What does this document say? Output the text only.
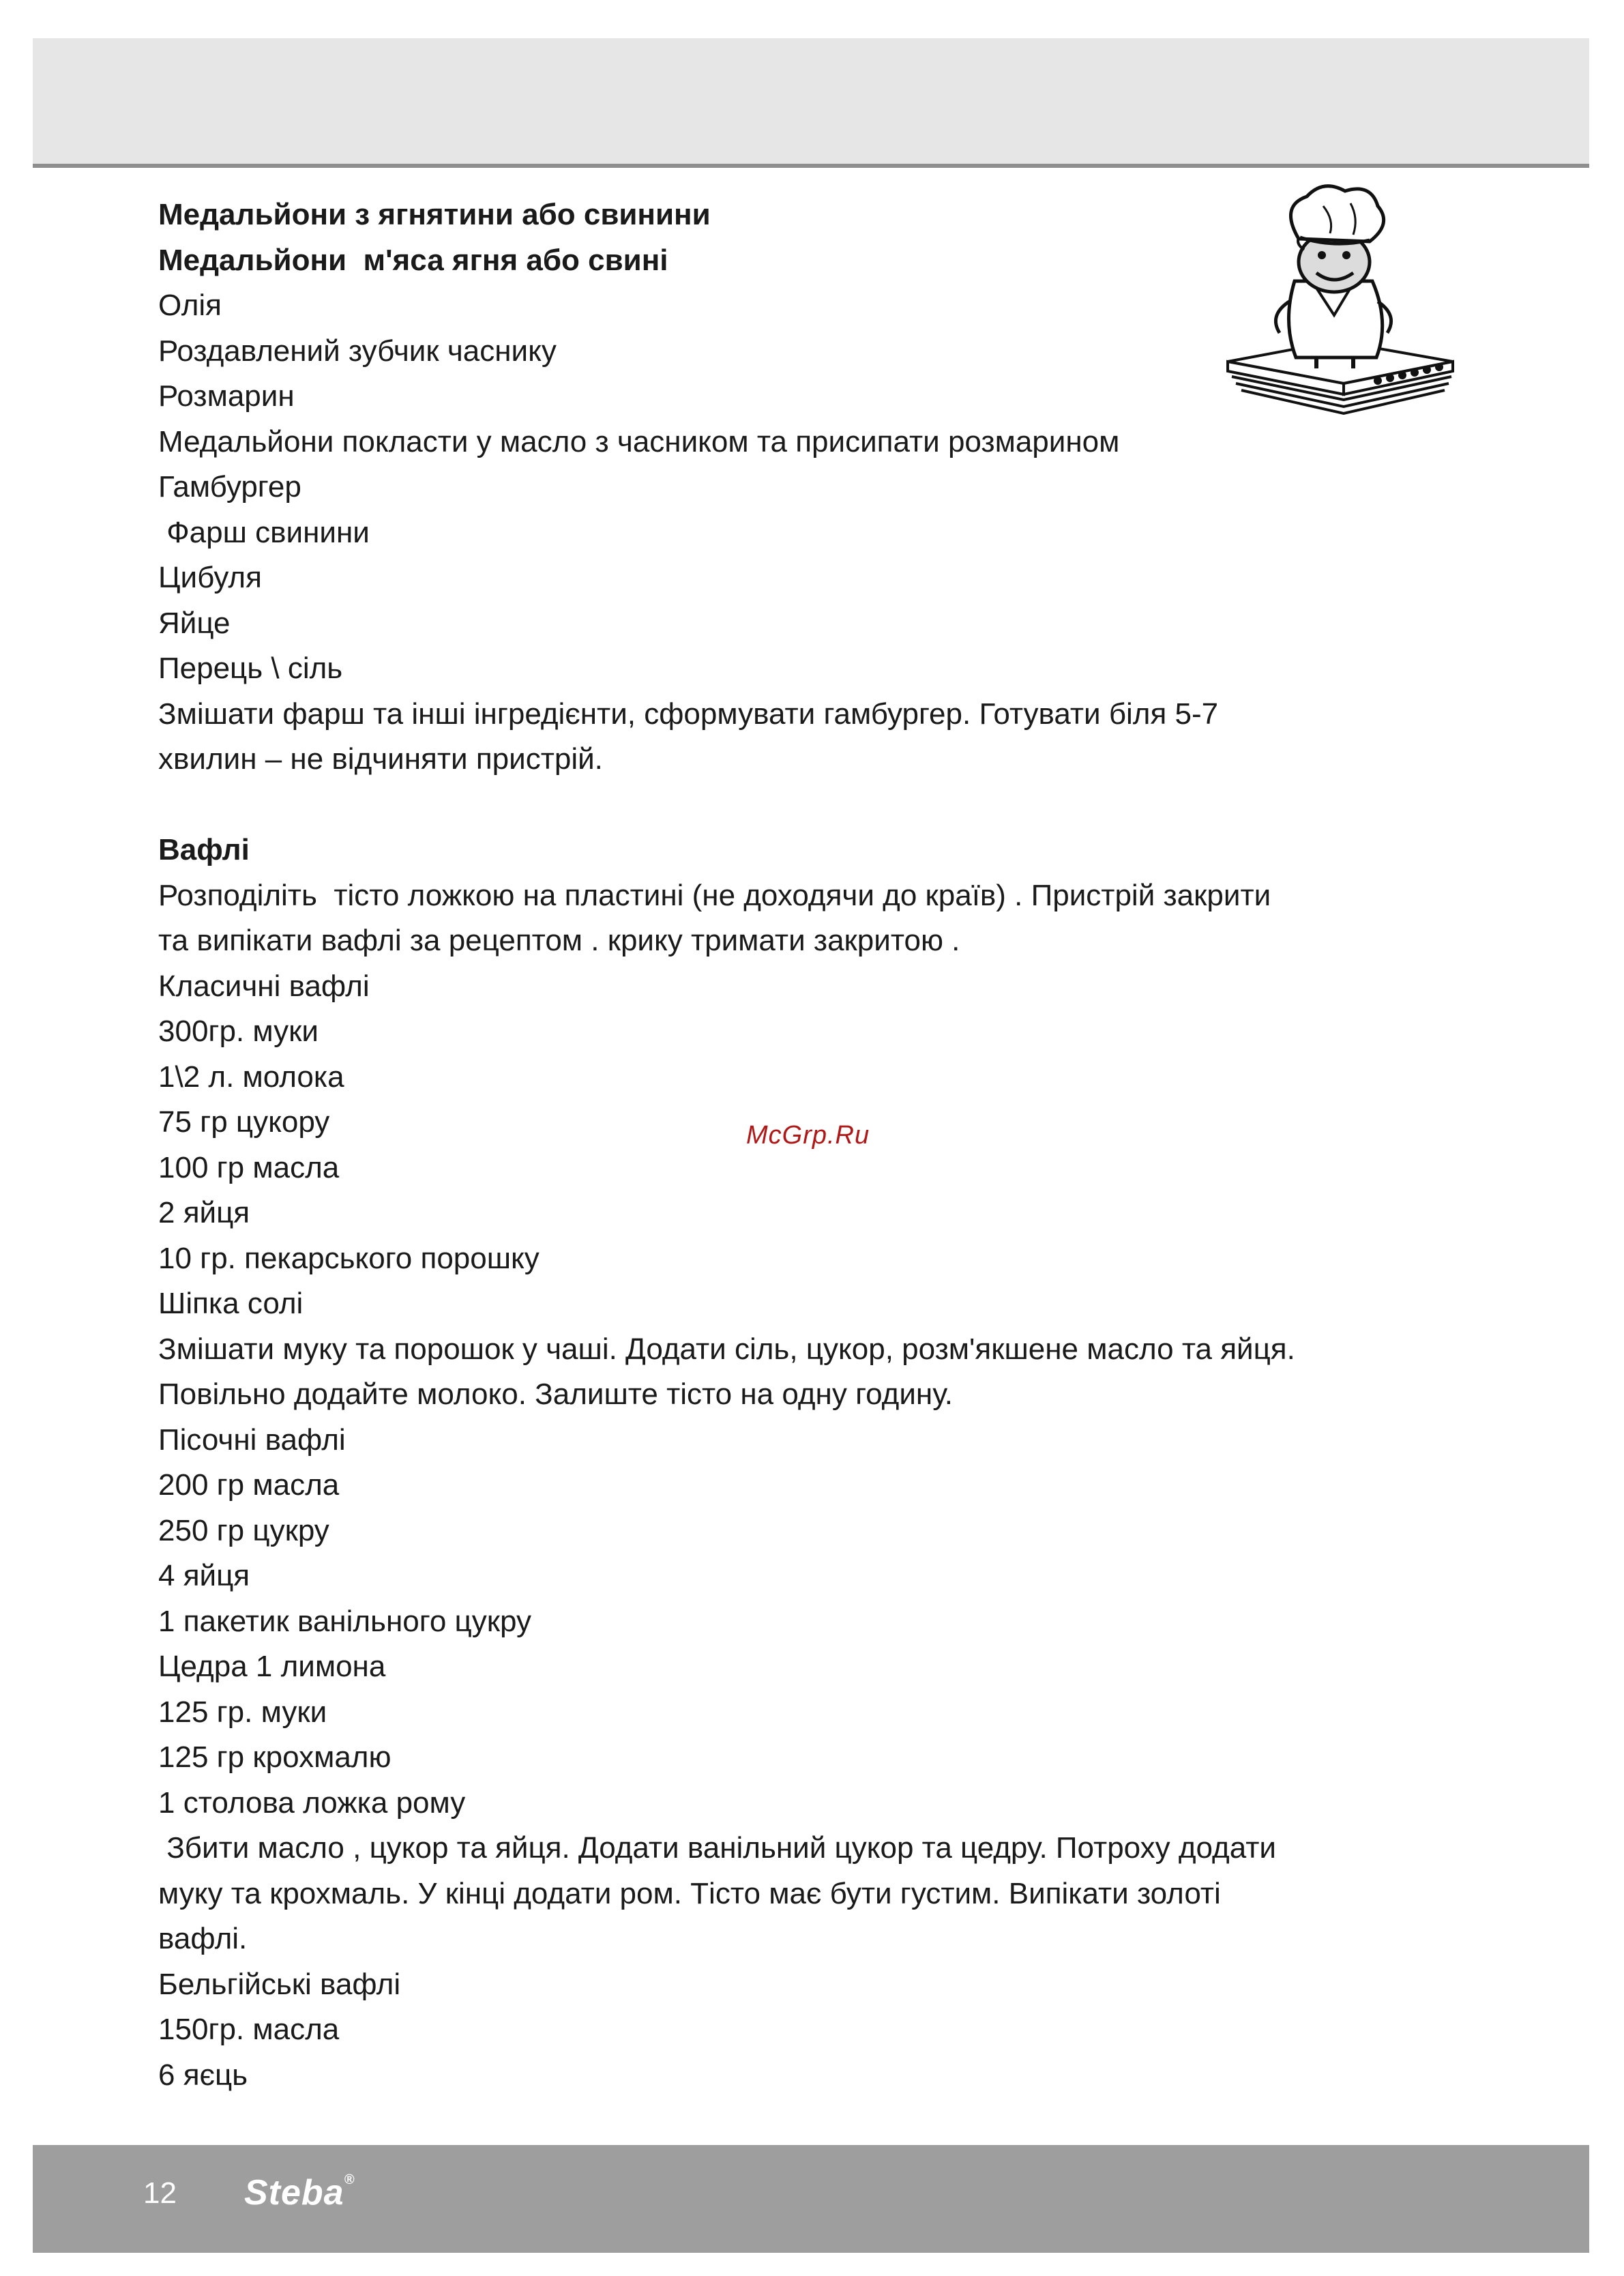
Медальйони з ягнятини або свинини
Медальйони  м'яса ягня або свині
Олія
Роздавлений зубчик часнику
Розмарин
Медальйони покласти у масло з часником та присипати розмарином
Гамбургер
Фарш свинини
Цибуля
Яйце
Перець \ сіль
Змішати фарш та інші інгредієнти, сформувати гамбургер. Готувати біля 5-7
хвилин – не відчиняти пристрій.
Вафлі
Розподіліть  тісто ложкою на пластині (не доходячи до країв) . Пристрій закрити
та випікати вафлі за рецептом . крику тримати закритою .
Класичні вафлі
300гр. муки
1\2 л. молока
75 гр цукору
100 гр масла
2 яйця
10 гр. пекарського порошку
Шіпка солі
Змішати муку та порошок у чаші. Додати сіль, цукор, розм'якшене масло та яйця.
Повільно додайте молоко. Залиште тісто на одну годину.
Пісочні вафлі
200 гр масла
250 гр цукру
4 яйця
1 пакетик ванільного цукру
Цедра 1 лимона
125 гр. муки
125 гр крохмалю
1 столова ложка рому
Збити масло , цукор та яйця. Додати ванільний цукор та цедру. Потроху додати
муку та крохмаль. У кінці додати ром. Тісто має бути густим. Випікати золоті
вафлі.
Бельгійські вафлі
150гр. масла
6 яєць
McGrp.Ru
12 Steba®
